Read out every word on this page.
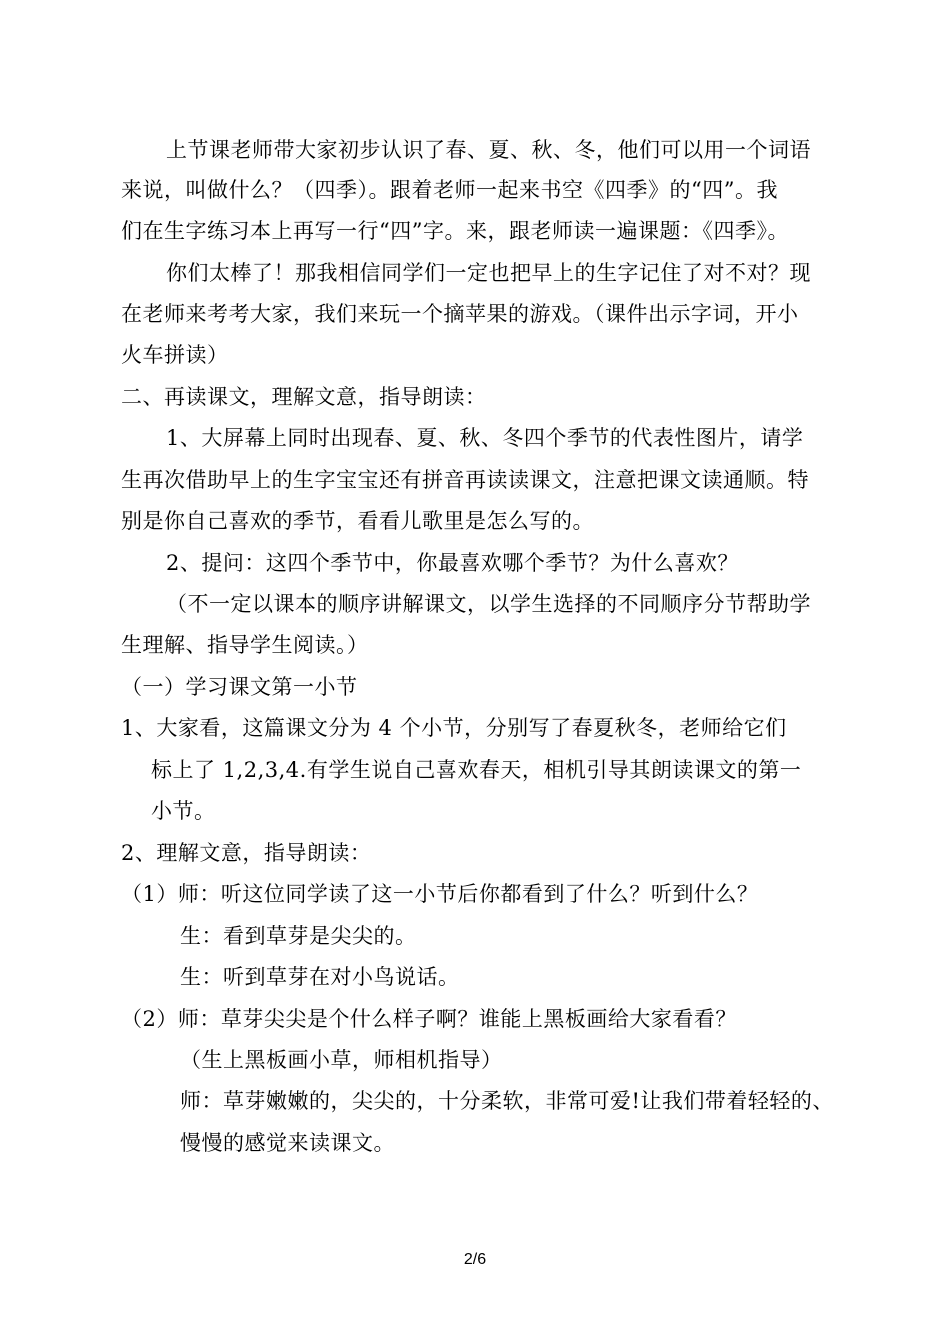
上节课老师带大家初步认识了春、夏、秋、冬，他们可以用一个词语
来说，叫做什么？（四季）。跟着老师一起来书空《四季》的“四”。我
们在生字练习本上再写一行“四”字。来，跟老师读一遍课题：《四季》。
你们太棒了！那我相信同学们一定也把早上的生字记住了对不对？现
在老师来考考大家，我们来玩一个摘苹果的游戏。（课件出示字词，开小
火车拼读）
二、再读课文，理解文意，指导朗读：
1、大屏幕上同时出现春、夏、秋、冬四个季节的代表性图片，请学
生再次借助早上的生字宝宝还有拼音再读读课文，注意把课文读通顺。特
别是你自己喜欢的季节，看看儿歌里是怎么写的。
2、提问：这四个季节中，你最喜欢哪个季节？为什么喜欢？
（不一定以课本的顺序讲解课文，以学生选择的不同顺序分节帮助学
生理解、指导学生阅读。）
（一）学习课文第一小节
1、大家看，这篇课文分为 4 个小节，分别写了春夏秋冬，老师给它们
标上了 1,2,3,4.有学生说自己喜欢春天，相机引导其朗读课文的第一
小节。
2、理解文意，指导朗读：
（1）师：听这位同学读了这一小节后你都看到了什么？听到什么？
生：看到草芽是尖尖的。
生：听到草芽在对小鸟说话。
（2）师：草芽尖尖是个什么样子啊？谁能上黑板画给大家看看？
（生上黑板画小草，师相机指导）
师：草芽嫩嫩的，尖尖的，十分柔软，非常可爱!让我们带着轻轻的、
慢慢的感觉来读课文。
2/6
